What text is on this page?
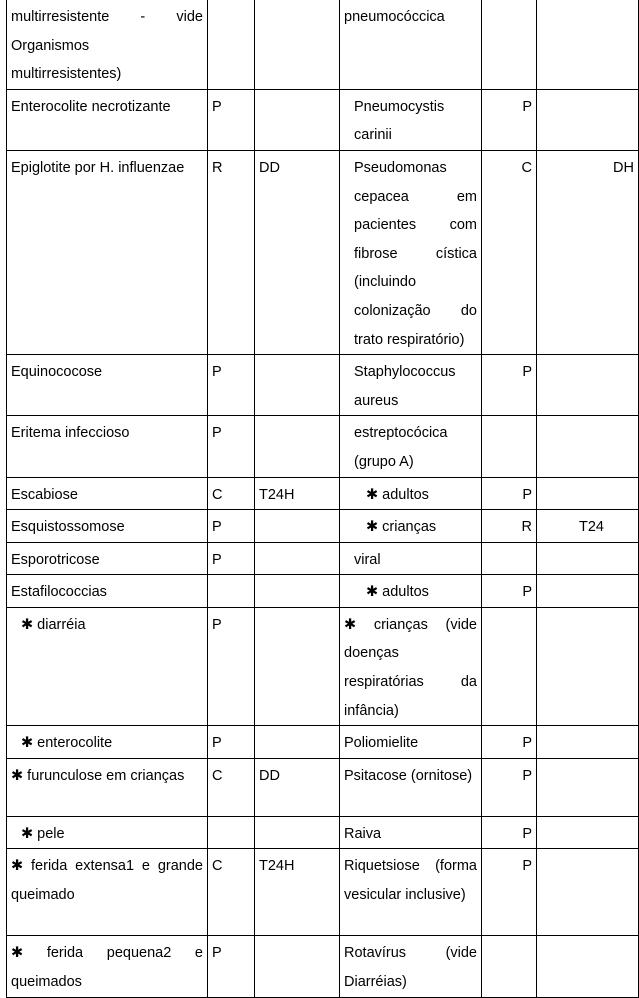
multirresistente - vide Organismos multirresistentes)			pneumocóccica		
Enterocolite necrotizante	P		Pneumocystis carinii	P	
Epiglotite por H. influenzae	R	DD	Pseudomonas cepacea em pacientes com fibrose cística (incluindo colonização do trato respiratório)	C	DH
Equinococose	P		Staphylococcus aureus	P	
Eritema infeccioso	P		estreptocócica (grupo A)		
Escabiose	C	T24H	✱ adultos	P	
Esquistossomose	P		✱ crianças	R	T24
Esporotricose	P		viral		
Estafilococcias			✱ adultos	P	
✱ diarréia	P		✱ crianças (vide doenças respiratórias da infância)		

✱ enterocolite	P		Poliomielite	P	

✱ furunculose em crianças	C	DD	Psitacose (ornitose)	P	
✱ pele			Raiva	P	

✱ ferida extensa1 e grande queimado	C	T24H	Riquetsiose (forma vesicular inclusive)	P	

✱ ferida pequena2 e queimados	P		Rotavírus (vide Diarréias)		
